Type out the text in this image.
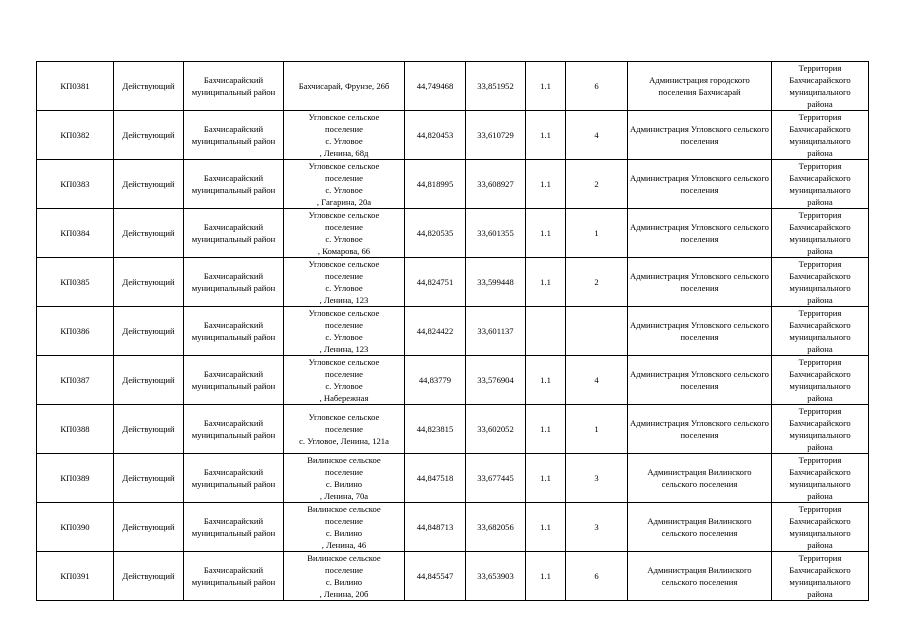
КП0381	Действующий	Бахчисарайский муниципальный район	Бахчисарай, Фрунзе, 26б	44,749468	33,851952	1.1	6	Администрация городского поселения Бахчисарай	Территория
Бахчисарайского
муниципального
района

КП0382	Действующий	Бахчисарайский муниципальный район	Угловское сельское
поселение
с. Угловое
, Ленина, 68д	44,820453	33,610729	1.1	4	Администрация Угловского сельского поселения	Территория
Бахчисарайского
муниципального
района

КП0383	Действующий	Бахчисарайский муниципальный район	Угловское сельское
поселение
с. Угловое
, Гагарина, 20а	44,818995	33,608927	1.1	2	Администрация Угловского сельского поселения	Территория
Бахчисарайского
муниципального
района

КП0384	Действующий	Бахчисарайский муниципальный район	Угловское сельское
поселение
с. Угловое
, Комарова, 66	44,820535	33,601355	1.1	1	Администрация Угловского сельского поселения	Территория
Бахчисарайского
муниципального
района

КП0385	Действующий	Бахчисарайский муниципальный район	Угловское сельское
поселение
с. Угловое
, Ленина, 123	44,824751	33,599448	1.1	2	Администрация Угловского сельского поселения	Территория
Бахчисарайского
муниципального
района

КП0386	Действующий	Бахчисарайский муниципальный район	Угловское сельское
поселение
с. Угловое
, Ленина, 123	44,824422	33,601137			Администрация Угловского сельского поселения	Территория
Бахчисарайского
муниципального
района

КП0387	Действующий	Бахчисарайский муниципальный район	Угловское сельское
поселение
с. Угловое
, Набережная	44,83779	33,576904	1.1	4	Администрация Угловского сельского поселения	Территория
Бахчисарайского
муниципального
района

КП0388	Действующий	Бахчисарайский муниципальный район	Угловское сельское
поселение
с. Угловое, Ленина, 121а	44,823815	33,602052	1.1	1	Администрация Угловского сельского поселения	Территория
Бахчисарайского
муниципального
района

КП0389	Действующий	Бахчисарайский муниципальный район	Вилинское сельское
поселение
с. Вилино
, Ленина, 70а	44,847518	33,677445	1.1	3	Администрация Вилинского сельского поселения	Территория
Бахчисарайского
муниципального
района

КП0390	Действующий	Бахчисарайский муниципальный район	Вилинское сельское
поселение
с. Вилино
, Ленина, 46	44,848713	33,682056	1.1	3	Администрация Вилинского сельского поселения	Территория
Бахчисарайского
муниципального
района

КП0391	Действующий	Бахчисарайский муниципальный район	Вилинское сельское
поселение
с. Вилино
, Ленина, 20б	44,845547	33,653903	1.1	6	Администрация Вилинского сельского поселения	Территория
Бахчисарайского
муниципального
района
